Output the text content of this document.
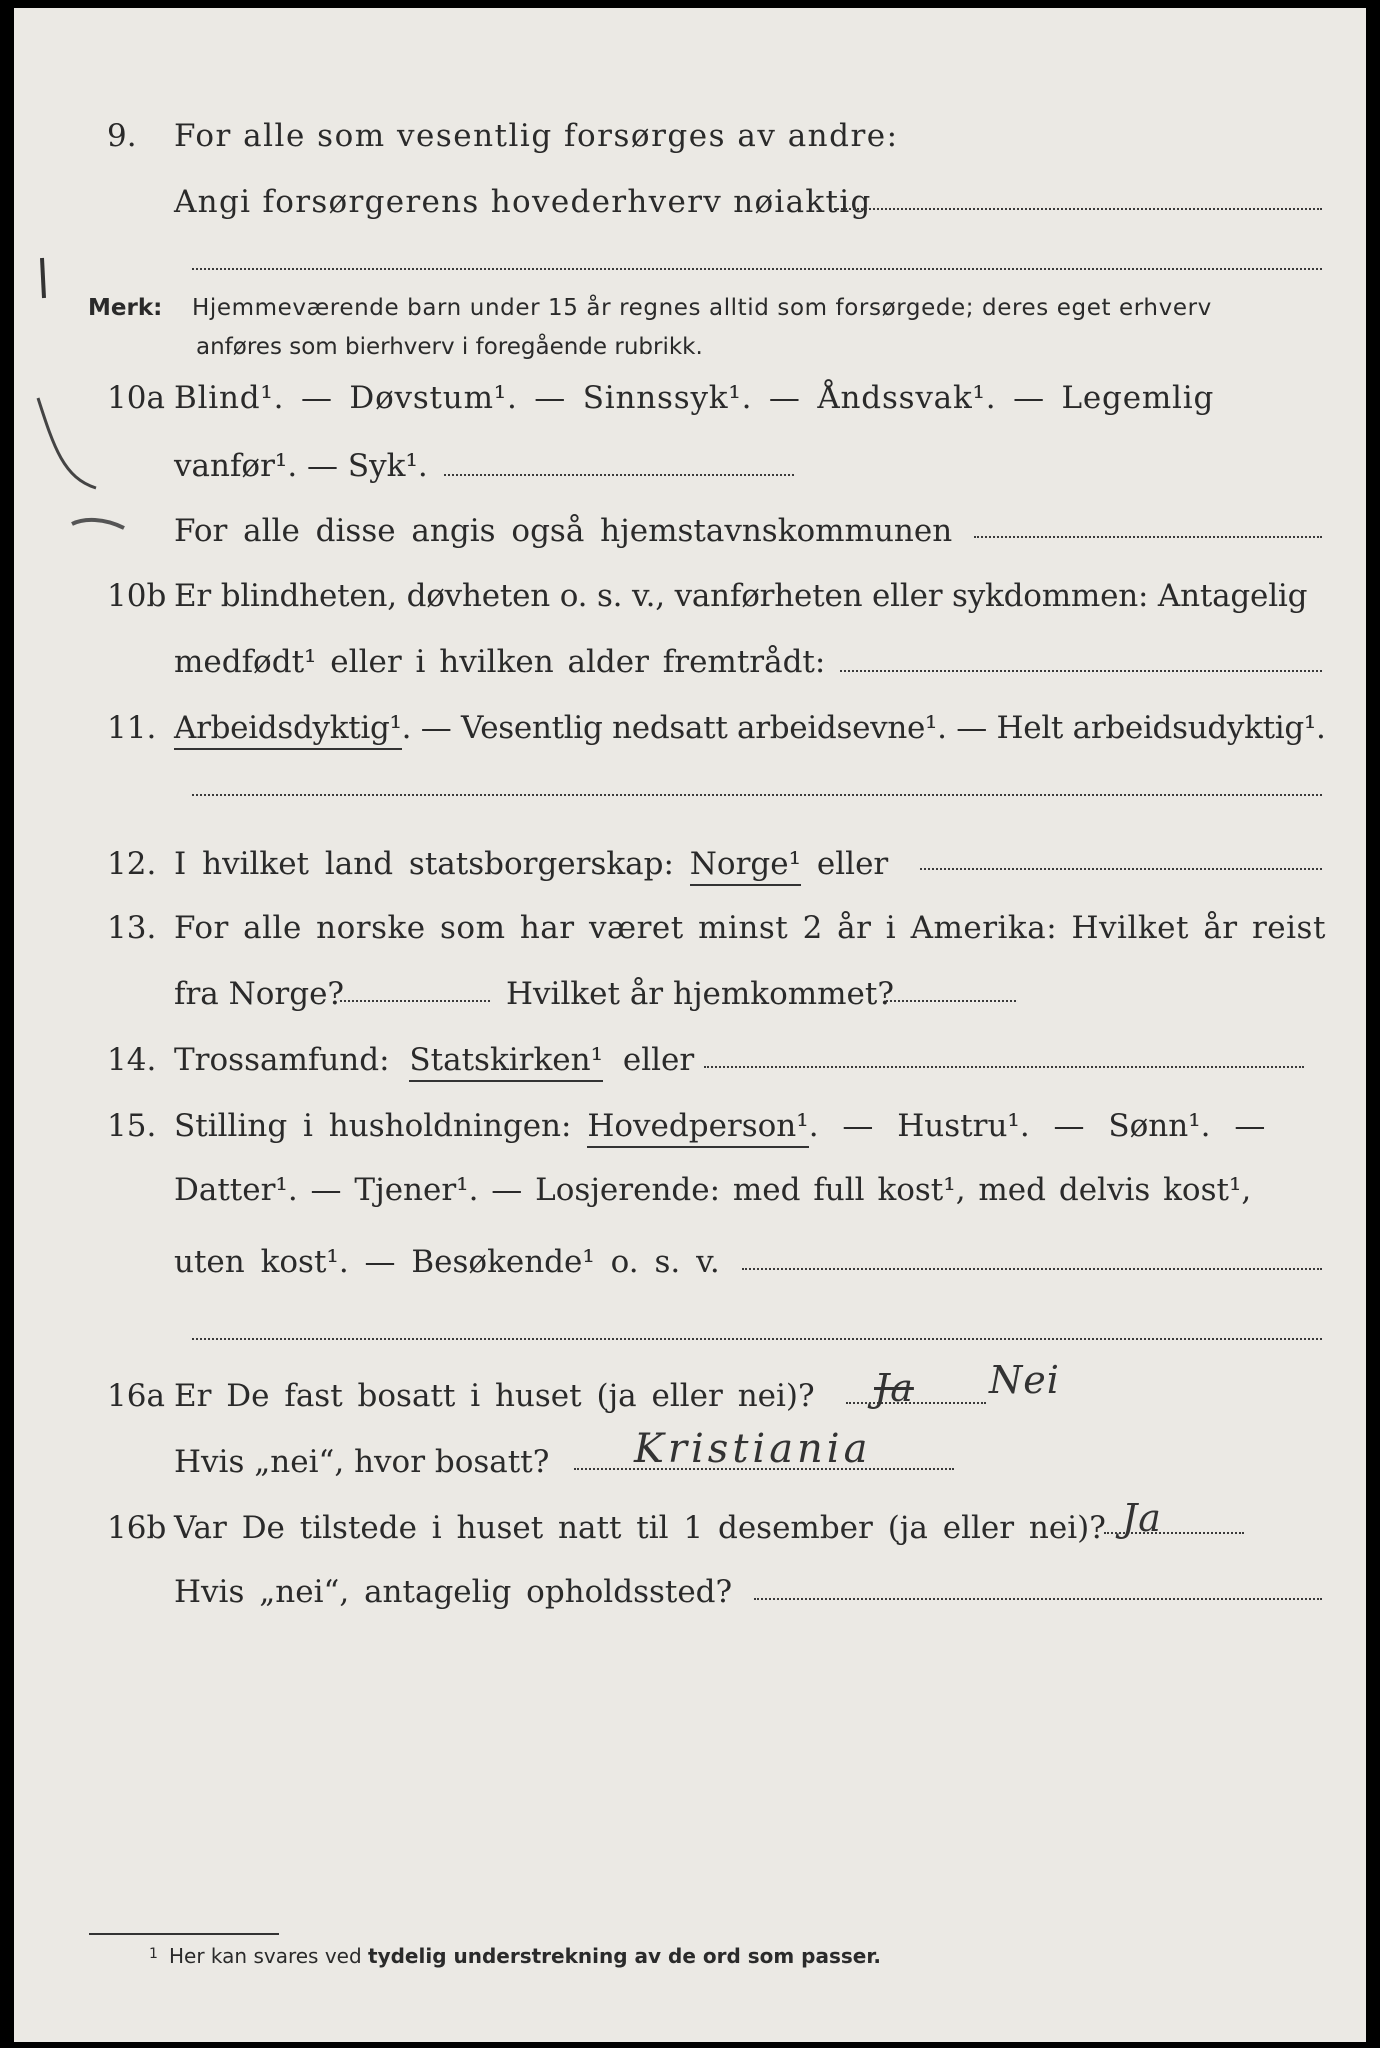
9. For alle som vesentlig forsørges av andre:
Angi forsørgerens hovederhverv nøiaktig
Merk: Hjemmeværende barn under 15 år regnes alltid som forsørgede; deres eget erhverv
anføres som bierhverv i foregående rubrikk.
10a Blind¹. — Døvstum¹. — Sinnssyk¹. — Åndssvak¹. — Legemlig
vanfør¹. — Syk¹.
For alle disse angis også hjemstavnskommunen
10b Er blindheten, døvheten o. s. v., vanførheten eller sykdommen: Antagelig
medfødt¹ eller i hvilken alder fremtrådt:
11. Arbeidsdyktig¹. — Vesentlig nedsatt arbeidsevne¹. — Helt arbeidsudyktig¹.
12. I hvilket land statsborgerskap: Norge¹ eller
13. For alle norske som har været minst 2 år i Amerika: Hvilket år reist
fra Norge?	Hvilket år hjemkommet?
14. Trossamfund: Statskirken¹ eller
15. Stilling i husholdningen: Hovedperson¹. — Hustru¹. — Sønn¹. —
Datter¹. — Tjener¹. — Losjerende: med full kost¹, med delvis kost¹,
uten kost¹. — Besøkende¹ o. s. v.
16a Er De fast bosatt i huset (ja eller nei)? Ja Nei
Hvis „nei“, hvor bosatt? Kristiania
16b Var De tilstede i huset natt til 1 desember (ja eller nei)? Ja
Hvis „nei“, antagelig opholdssted?
1 Her kan svares ved tydelig understrekning av de ord som passer.
